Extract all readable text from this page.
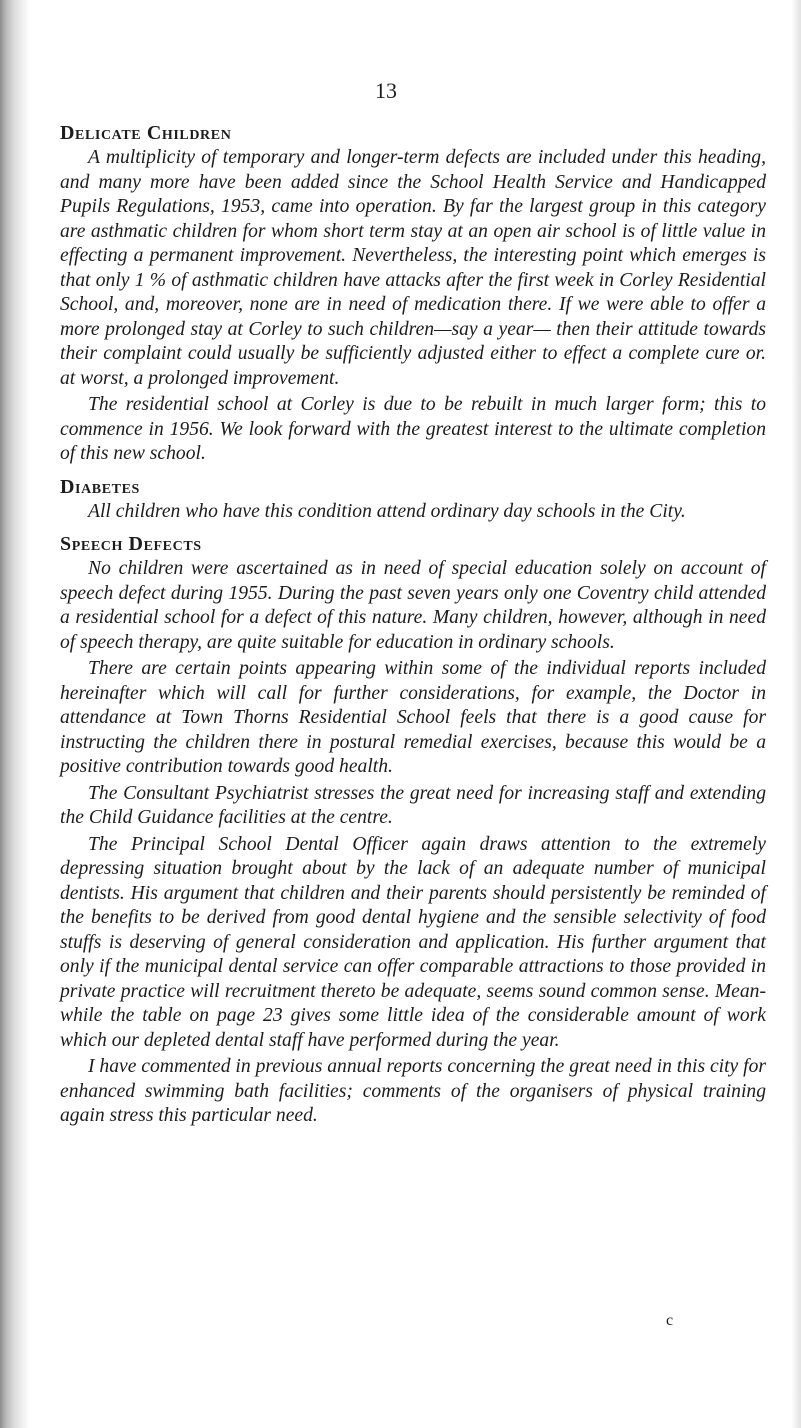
13
Delicate Children

A multiplicity of temporary and longer-term defects are included under this heading, and many more have been added since the School Health Service and Handicapped Pupils Regulations, 1953, came into operation. By far the largest group in this category are asthmatic children for whom short term stay at an open air school is of little value in effecting a permanent improvement. Nevertheless, the interesting point which emerges is that only 1 % of asthmatic children have attacks after the first week in Corley Residential School, and, moreover, none are in need of medication there. If we were able to offer a more prolonged stay at Corley to such children—say a year— then their attitude towards their complaint could usually be sufficiently adjusted either to effect a complete cure or. at worst, a prolonged improvement.

The residential school at Corley is due to be rebuilt in much larger form; this to commence in 1956. We look forward with the greatest interest to the ultimate completion of this new school.

Diabetes

All children who have this condition attend ordinary day schools in the City.

Speech Defects

No children were ascertained as in need of special education solely on account of speech defect during 1955. During the past seven years only one Coventry child attended a residential school for a defect of this nature. Many children, however, although in need of speech therapy, are quite suitable for education in ordinary schools.

There are certain points appearing within some of the individual reports included hereinafter which will call for further considerations, for example, the Doctor in attendance at Town Thorns Residential School feels that there is a good cause for instructing the children there in postural remedial exercises, because this would be a positive contribution towards good health.

The Consultant Psychiatrist stresses the great need for increasing staff and extending the Child Guidance facilities at the centre.

The Principal School Dental Officer again draws attention to the extremely depressing situation brought about by the lack of an adequate number of municipal dentists. His argument that children and their parents should persistently be reminded of the benefits to be derived from good dental hygiene and the sensible selectivity of food stuffs is deserving of general consideration and application. His further argument that only if the municipal dental service can offer comparable attractions to those provided in private practice will recruitment thereto be adequate, seems sound common sense. Mean-while the table on page 23 gives some little idea of the considerable amount of work which our depleted dental staff have performed during the year.

I have commented in previous annual reports concerning the great need in this city for enhanced swimming bath facilities; comments of the organisers of physical training again stress this particular need.

c
